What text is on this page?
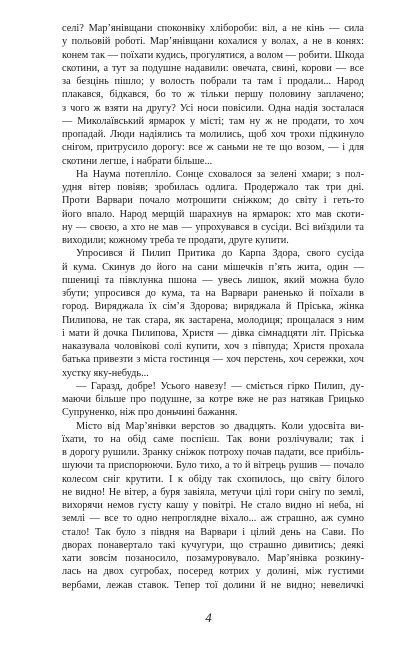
селі? Мар’янівщани споконвіку хлібороби: віл, а не кінь — сила
у польовій роботі. Мар’янівщани кохалися у волах, а не в конях:
конем так — поїхати кудись, прогулятися, а волом — робити. Шкода
скотини, а тут за подушне надавили: овечата, свині, корови — все
за безцінь пішло; у волость побрали та там і продали... Народ
плакався, бідкався, бо то ж тільки першу половину заплачено;
з чого ж взяти на другу? Усі носи повісили. Одна надія зосталася
— Миколаївський ярмарок у місті; там ну ж не продати, то хоч
пропадай. Люди надіялись та молились, щоб хоч трохи підкинуло
снігом, притрусило дорогу: все ж саньми не те що возом, — і для
скотини легше, і набрати більше...
На Наума потепліло. Сонце сховалося за зелені хмари; з пол-
удня вітер повіяв; зробилась одлига. Продержало так три дні.
Проти Варвари почало мотрошити сніжком; до світу і геть-то
його впало. Народ мерщій шарахнув на ярмарок: хто мав скоти-
ну — своєю, а хто не мав — упрохувався в сусіди. Всі виїздили та
виходили; кожному треба те продати, друге купити.
Упросився й Пилип Притика до Карпа Здора, свого сусіда
й кума. Скинув до його на сани мішечків п’ять жита, один —
пшениці та півклунка пшона — увесь лишок, який можна було
збути; упросився до кума, та на Варвари раненько й поїхали в
город. Виряджала їх сім’я Здорова; виряджала й Пріська, жінка
Пилипова, не так стара, як застарена, молодиця; прощалася з ним
і мати й дочка Пилипова, Христя — дівка сімнадцяти літ. Пріська
наказувала чоловікові солі купити, хоч з півпуда; Христя прохала
батька привезти з міста гостинця — хоч перстень, хоч сережки, хоч
хустку яку-небудь...
— Гаразд, добре! Усього навезу! — сміється гірко Пилип, ду-
маючи більше про подушне, за котре вже не раз натякав Грицько
Супруненко, ніж про доньчині бажання.
Місто від Мар’янівки верстов зо двадцять. Коли удосвіта ви-
їхати, то на обід саме поспієш. Так вони розлічували; так і
в дорогу рушили. Зранку сніжок потроху почав падати, все прибіль-
шуючи та приспорюючи. Було тихо, а то й вітрець рушив — почало
колесом сніг крутити. І к обіду так схопилось, що світу білого
не видно! Не вітер, а буря завіяла, метучи цілі гори снігу по землі,
вихорячи немов густу кашу у повітрі. Не стало видно ні неба, ні
землі — все то одно непроглядне віхало... аж страшно, аж сумно
стало! Так було з півдня на Варвари і цілий день на Сави. По
дворах понавертало такі кучугури, що страшно дивитись; деякі
хати зовсім позаносило, позамуровувало. Мар’янівка розкину-
лась на двох сугробах, посеред котрих у долині, між густими
вербами, лежав ставок. Тепер тої долини й не видно; невеличкі
4
